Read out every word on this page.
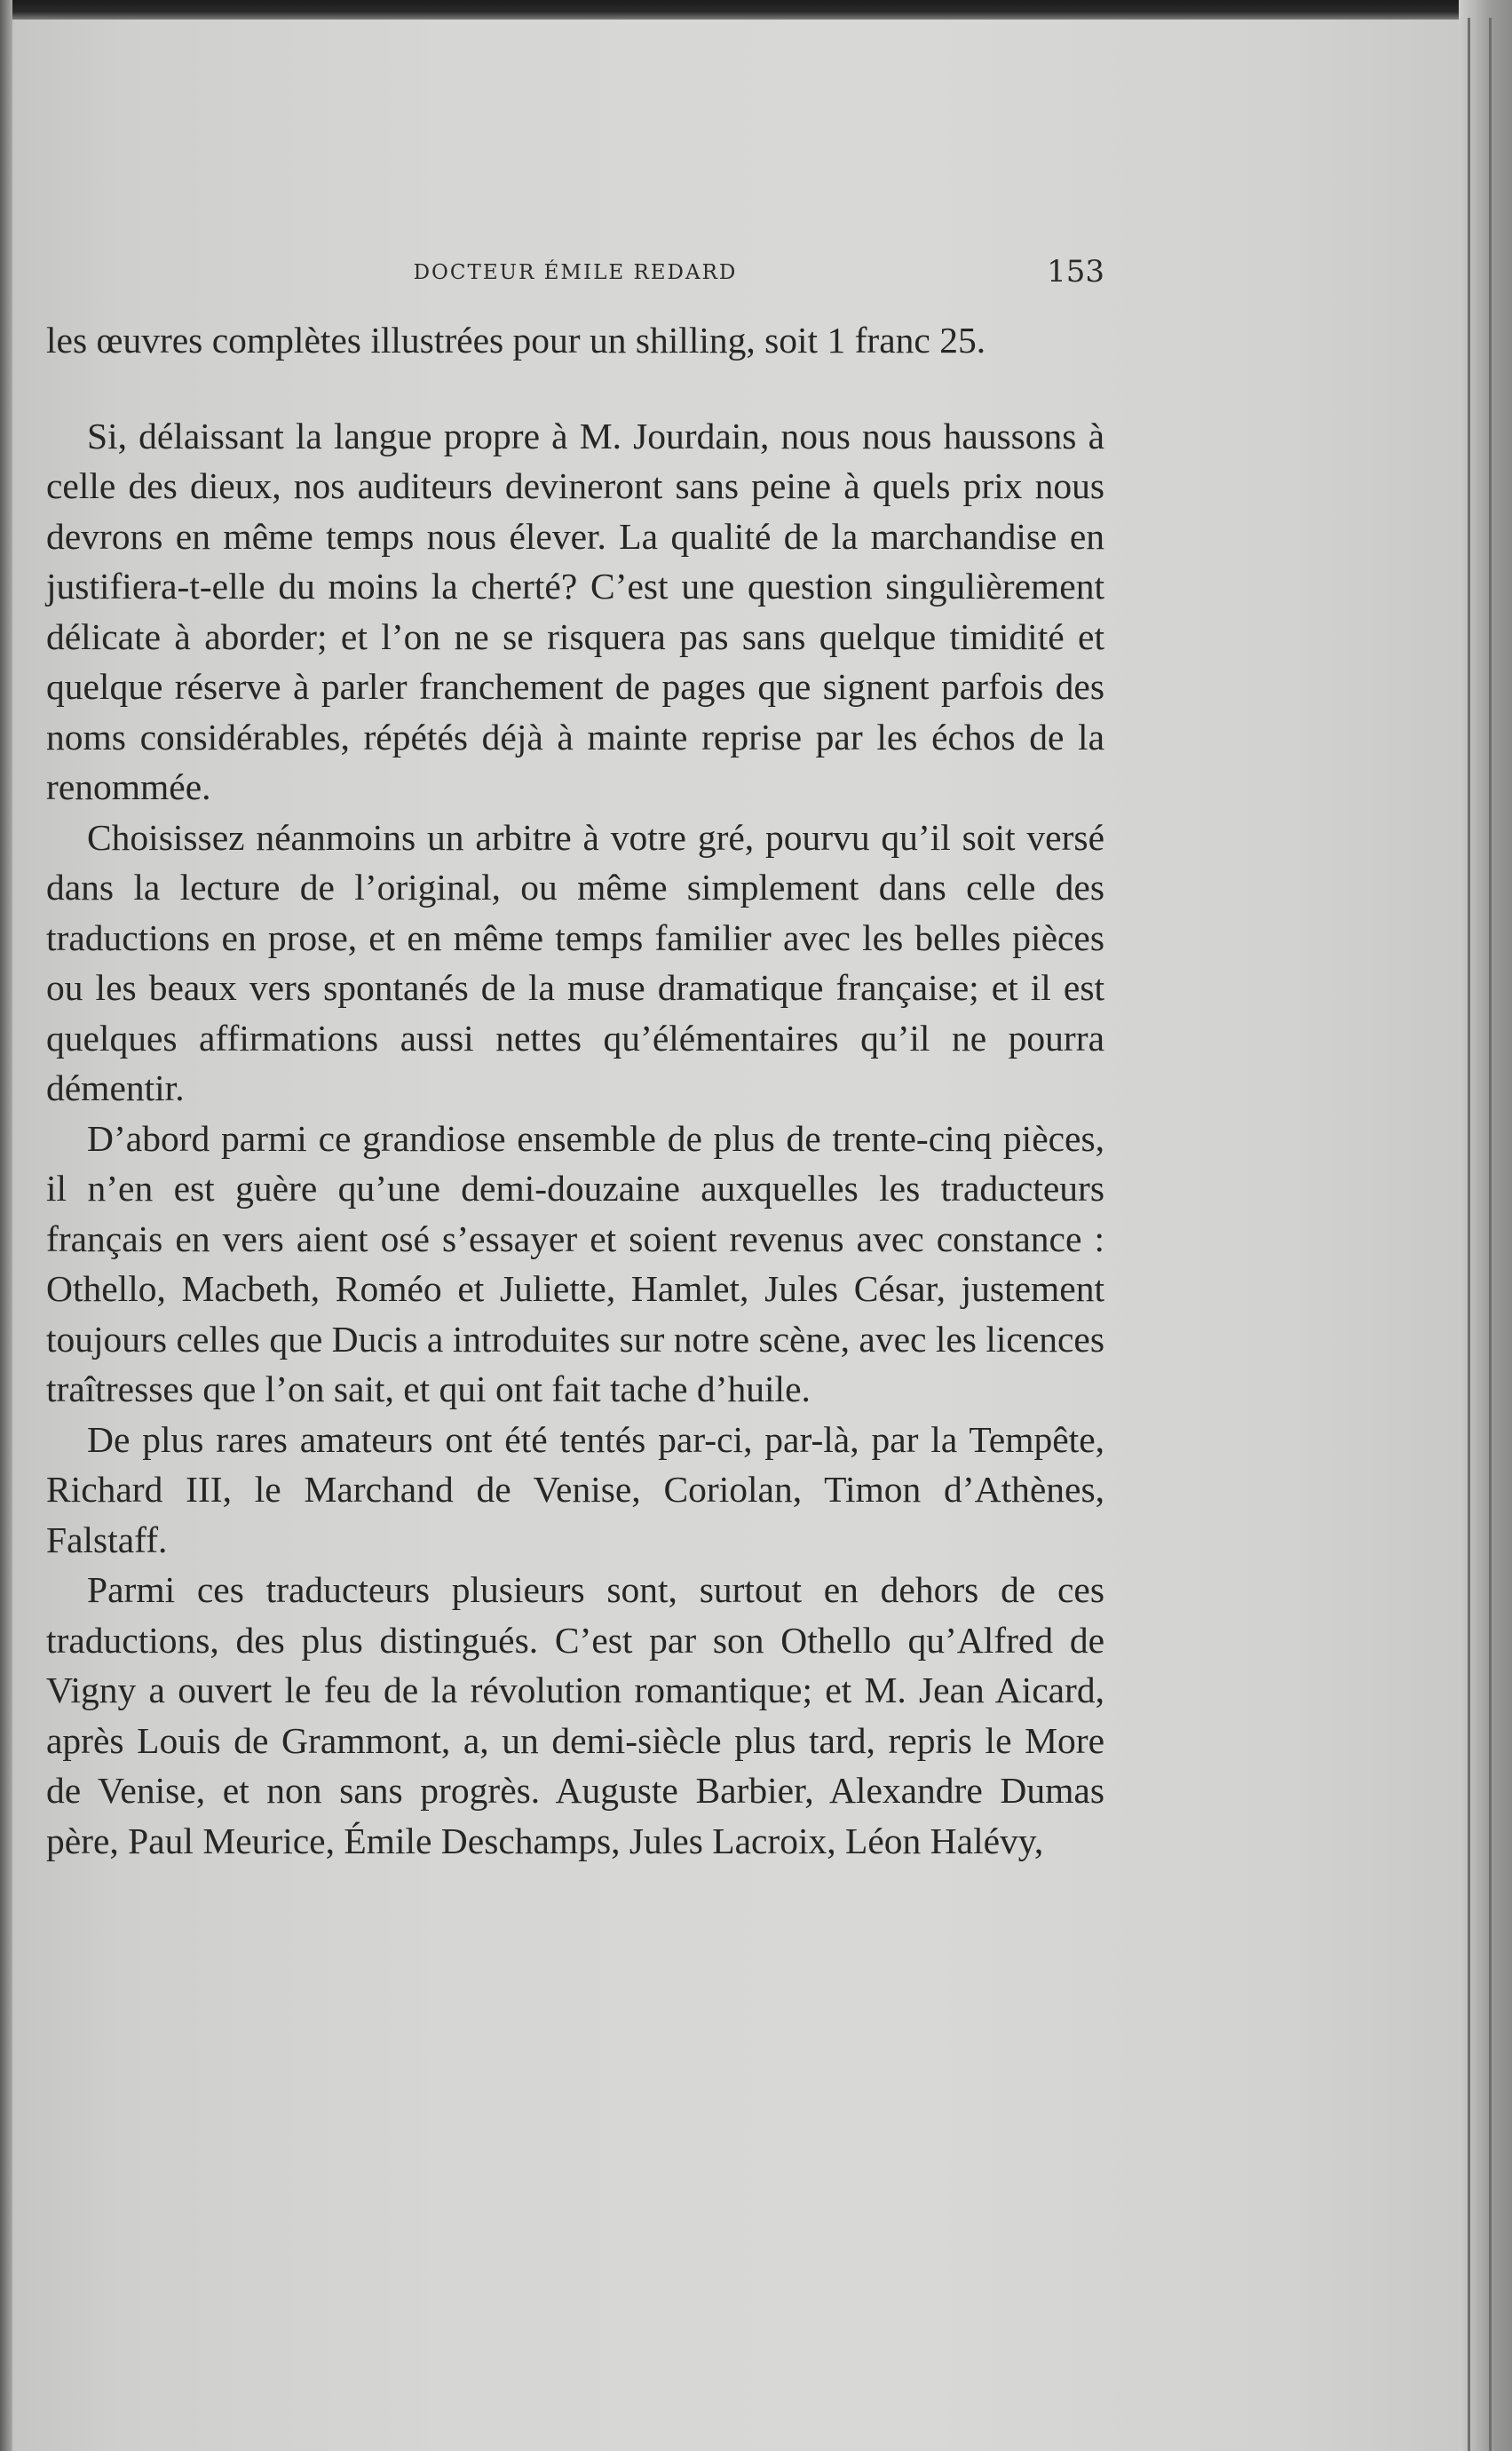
DOCTEUR ÉMILE REDARD	153

les œuvres complètes illustrées pour un shilling, soit 1 franc 25.

Si, délaissant la langue propre à M. Jourdain, nous nous haussons à celle des dieux, nos auditeurs devineront sans peine à quels prix nous devrons en même temps nous élever. La qualité de la marchandise en justifiera-t-elle du moins la cherté? C’est une question singulièrement délicate à aborder; et l’on ne se risquera pas sans quelque timidité et quelque réserve à parler franchement de pages que signent parfois des noms considérables, répétés déjà à mainte reprise par les échos de la renommée.

Choisissez néanmoins un arbitre à votre gré, pourvu qu’il soit versé dans la lecture de l’original, ou même simplement dans celle des traductions en prose, et en même temps familier avec les belles pièces ou les beaux vers spontanés de la muse dramatique française; et il est quelques affirmations aussi nettes qu’élémentaires qu’il ne pourra démentir.

D’abord parmi ce grandiose ensemble de plus de trente-cinq pièces, il n’en est guère qu’une demi-douzaine auxquelles les traducteurs français en vers aient osé s’essayer et soient revenus avec constance : Othello, Macbeth, Roméo et Juliette, Hamlet, Jules César, justement toujours celles que Ducis a introduites sur notre scène, avec les licences traîtresses que l’on sait, et qui ont fait tache d’huile.

De plus rares amateurs ont été tentés par-ci, par-là, par la Tempête, Richard III, le Marchand de Venise, Coriolan, Timon d’Athènes, Falstaff.

Parmi ces traducteurs plusieurs sont, surtout en dehors de ces traductions, des plus distingués. C’est par son Othello qu’Alfred de Vigny a ouvert le feu de la révolution romantique; et M. Jean Aicard, après Louis de Grammont, a, un demi-siècle plus tard, repris le More de Venise, et non sans progrès. Auguste Barbier, Alexandre Dumas père, Paul Meurice, Émile Deschamps, Jules Lacroix, Léon Halévy,
